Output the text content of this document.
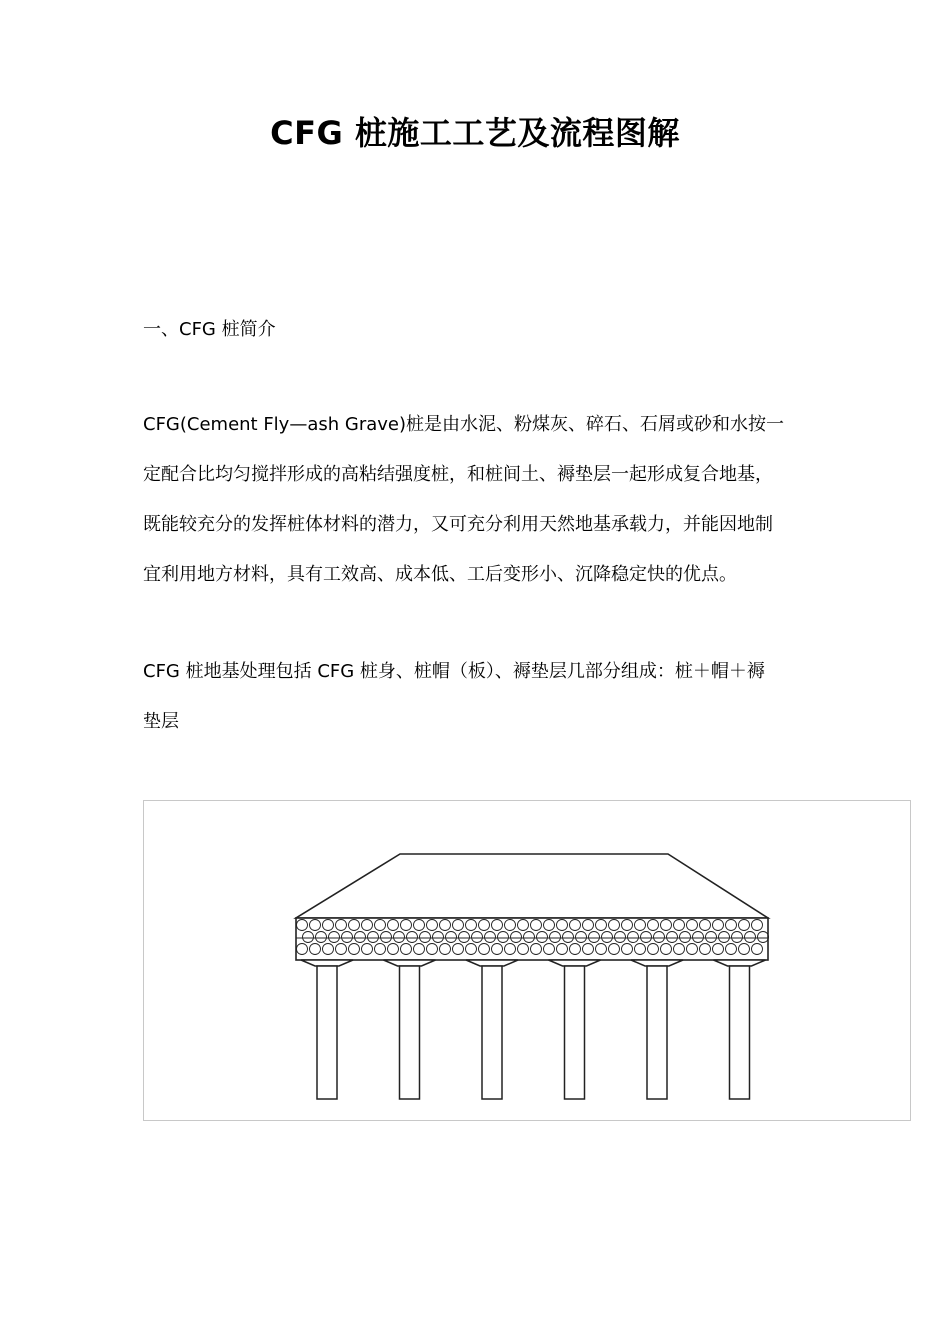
CFG 桩施工工艺及流程图解
一、CFG 桩简介

CFG(Cement Fly—ash Grave)桩是由水泥、粉煤灰、碎石、石屑或砂和水按一
定配合比均匀搅拌形成的高粘结强度桩，和桩间土、褥垫层一起形成复合地基，
既能较充分的发挥桩体材料的潜力，又可充分利用天然地基承载力，并能因地制
宜利用地方材料，具有工效高、成本低、工后变形小、沉降稳定快的优点。

CFG 桩地基处理包括 CFG 桩身、桩帽（板）、褥垫层几部分组成：桩＋帽＋褥
垫层
